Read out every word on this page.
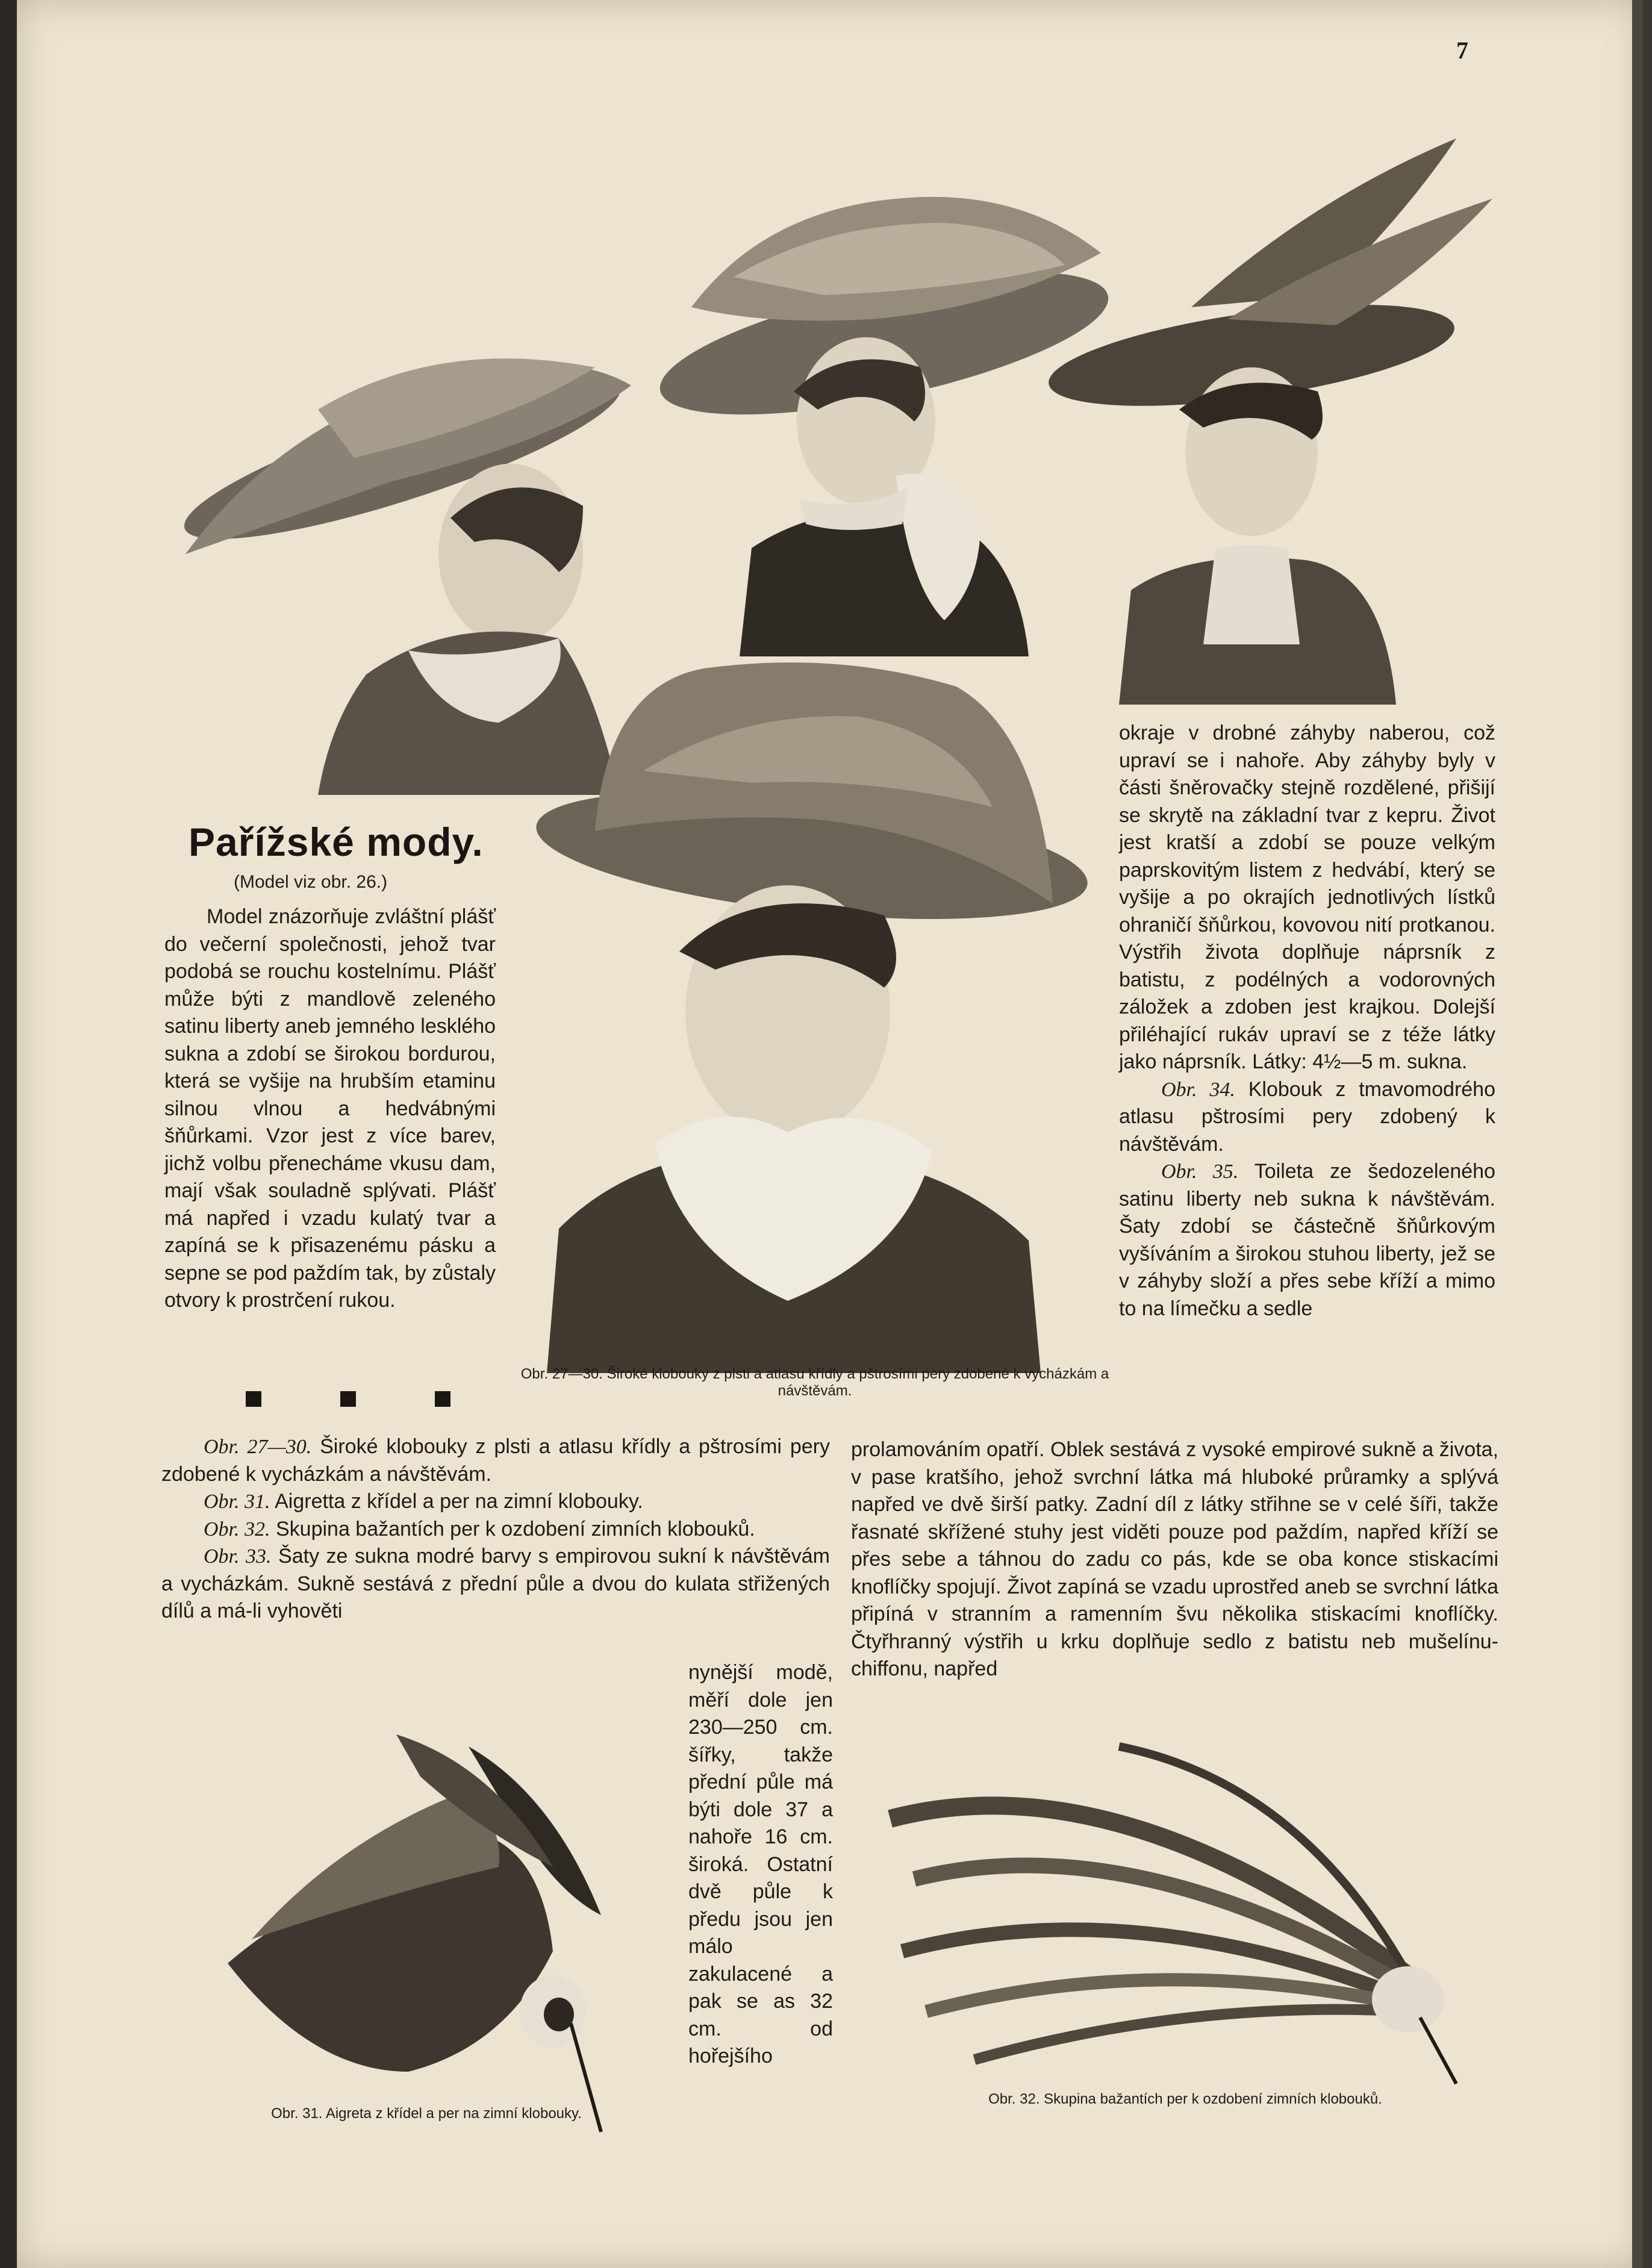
7
Pařížské mody.
(Model viz obr. 26.)

Model znázorňuje zvláštní plášť do večerní společnosti, jehož tvar podobá se rouchu kostelnímu. Plášť může býti z mandlově zeleného satinu liberty aneb jemného lesklého sukna a zdobí se širokou bordurou, která se vyšije na hrubším etaminu silnou vlnou a hedvábnými šňůrkami. Vzor jest z více barev, jichž volbu přenecháme vkusu dam, mají však souladně splývati. Plášť má napřed i vzadu kulatý tvar a zapíná se k přisazenému pásku a sepne se pod paždím tak, by zůstaly otvory k prostrčení rukou.

Obr. 27—30. Široké klobouky z plsti a atlasu křídly a pštrosími pery zdobené k vycházkám a návštěvám.

okraje v drobné záhyby naberou, což upraví se i nahoře. Aby záhyby byly v části šněrovačky stejně rozdělené, přišijí se skrytě na základní tvar z kepru. Život jest kratší a zdobí se pouze velkým paprskovitým listem z hedvábí, který se vyšije a po okrajích jednotlivých lístků ohraničí šňůrkou, kovovou nití protkanou. Výstřih života doplňuje náprsník z batistu, z podélných a vodorovných záložek a zdoben jest krajkou. Dolejší přiléhající rukáv upraví se z téže látky jako náprsník. Látky: 4½—5 m. sukna.

Obr. 34. Klobouk z tmavomodrého atlasu pštrosími pery zdobený k návštěvám.

Obr. 35. Toileta ze šedozeleného satinu liberty neb sukna k návštěvám. Šaty zdobí se částečně šňůrkovým vyšíváním a širokou stuhou liberty, jež se v záhyby složí a přes sebe kříží a mimo to na límečku a sedle

Obr. 27—30. Široké klobouky z plsti a atlasu křídly a pštrosími pery zdobené k vycházkám a návštěvám.

Obr. 31. Aigretta z křídel a per na zimní klobouky.

Obr. 32. Skupina bažantích per k ozdobení zimních klobouků.

Obr. 33. Šaty ze sukna modré barvy s empirovou sukní k návštěvám a vycházkám. Sukně sestává z přední půle a dvou do kulata střižených dílů a má-li vyhověti

nynější modě, měří dole jen 230—250 cm. šířky, takže přední půle má býti dole 37 a nahoře 16 cm. široká. Ostatní dvě půle k předu jsou jen málo zakulacené a pak se as 32 cm. od hořejšího

prolamováním opatří. Oblek sestává z vysoké empirové sukně a života, v pase kratšího, jehož svrchní látka má hluboké průramky a splývá napřed ve dvě širší patky. Zadní díl z látky střihne se v celé šíři, takže řasnaté skřížené stuhy jest viděti pouze pod paždím, napřed kříží se přes sebe a táhnou do zadu co pás, kde se oba konce stiskacími knoflíčky spojují. Život zapíná se vzadu uprostřed aneb se svrchní látka připíná v stranním a ramenním švu několika stiskacími knoflíčky. Čtyřhranný výstřih u krku doplňuje sedlo z batistu neb mušelínu-chiffonu, napřed

Obr. 31. Aigreta z křídel a per na zimní klobouky.
Obr. 32. Skupina bažantích per k ozdobení zimních klobouků.
